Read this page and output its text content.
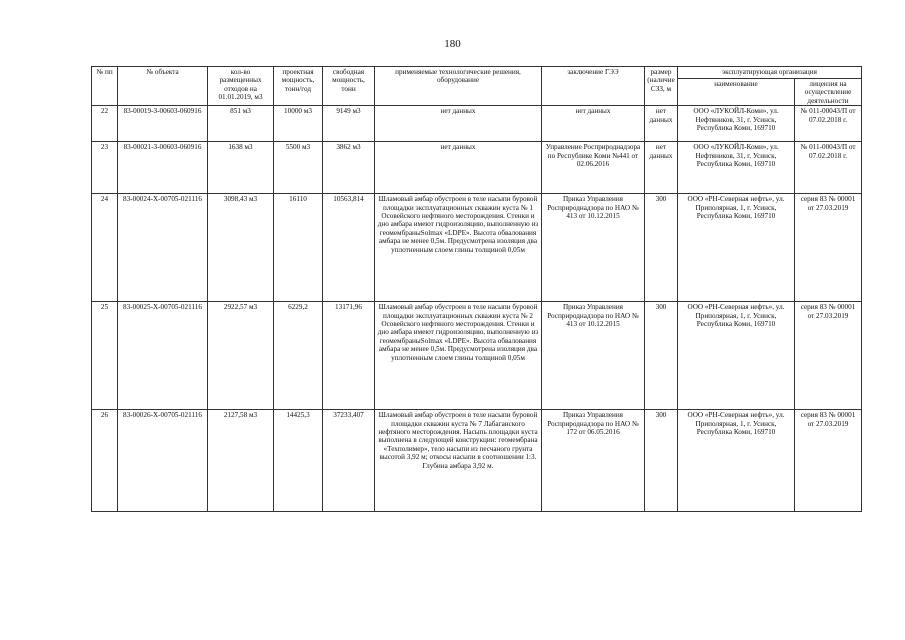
180
№ пп	№ объекта	кол-во размещенных отходов на 01.01.2019, м3	проектная мощность, тонн/год	свободная мощность, тонн	применяемые технологические решения, оборудование	заключение ГЭЭ	размер (наличие СЗЗ, м	эксплуатирующая организация	
								наименование	лицензия на осуществление деятельности
22	83-00019-З-00603-060916	851 м3	10000 м3	9149 м3	нет данных	нет данных	нет данных	ООО «ЛУКОЙЛ-Коми», ул. Нефтяников, 31, г. Усинск, Республика Коми, 169710	№ 011-00043/П от 07.02.2018 г.
23	83-00021-З-00603-060916	1638 м3	5500 м3	3862 м3	нет данных	Управление Росприроднадзора по Республике Коми №441 от 02.06.2016	нет данных	ООО «ЛУКОЙЛ-Коми», ул. Нефтяников, 31, г. Усинск, Республика Коми, 169710	№ 011-00043/П от 07.02.2018 г.
24	83-00024-Х-00705-021116	3098,43 м3	16110	10563,814	Шламовый амбар обустроен в теле насыпи буровой площадки эксплуатационных скважин куста № 1 Осовейского нефтяного месторождения. Стенки и дно амбара имеют гидроизоляцию, выполненную из геомембраныSolmax «LDPE». Высота обвалования амбара не менее 0,5м. Предусмотрена изоляция двa уплотненным слоем глины толщиной 0,05м	Приказ Управления Росприроднадзора по НАО № 413 от 10.12.2015	300	ООО «РН-Северная нефть», ул. Приполярная, 1, г. Усинск, Республика Коми, 169710	серия 83 № 00001 от 27.03.2019
25	83-00025-Х-00705-021116	2922,57 м3	6229,2	13171,96	Шламовый амбар обустроен в теле насыпи буровой площадки эксплуатационных скважин куста № 2 Осовейского нефтяного месторождения. Стенки и дно амбара имеют гидроизоляцию, выполненную из геомембраныSolmax «LDPE». Высота обвалования амбара не менее 0,5м. Предусмотрена изоляция двa уплотненным слоем глины толщиной 0,05м	Приказ Управления Росприроднадзора по НАО № 413 от 10.12.2015	300	ООО «РН-Северная нефть», ул. Приполярная, 1, г. Усинск, Республика Коми, 169710	серия 83 № 00001 от 27.03.2019
26	83-00026-Х-00705-021116	2127,58 м3	14425,3	37233,407	Шламовый амбар обустроен в теле насыпи буровой площадки скважин куста № 7 Лабаганского нефтяного месторождения. Насыпь площадки куста выполнена в следующей конструкции: геомембрана «Техполимер», тело насыпи из песчаного грунта высотой 3,92 м; откосы насыпи в соотношении 1:3. Глубина амбара 3,92 м.	Приказ Управления Росприроднадзора по НАО № 172 от 06.05.2016	300	ООО «РН-Северная нефть», ул. Приполярная, 1, г. Усинск, Республика Коми, 169710	серия 83 № 00001 от 27.03.2019
